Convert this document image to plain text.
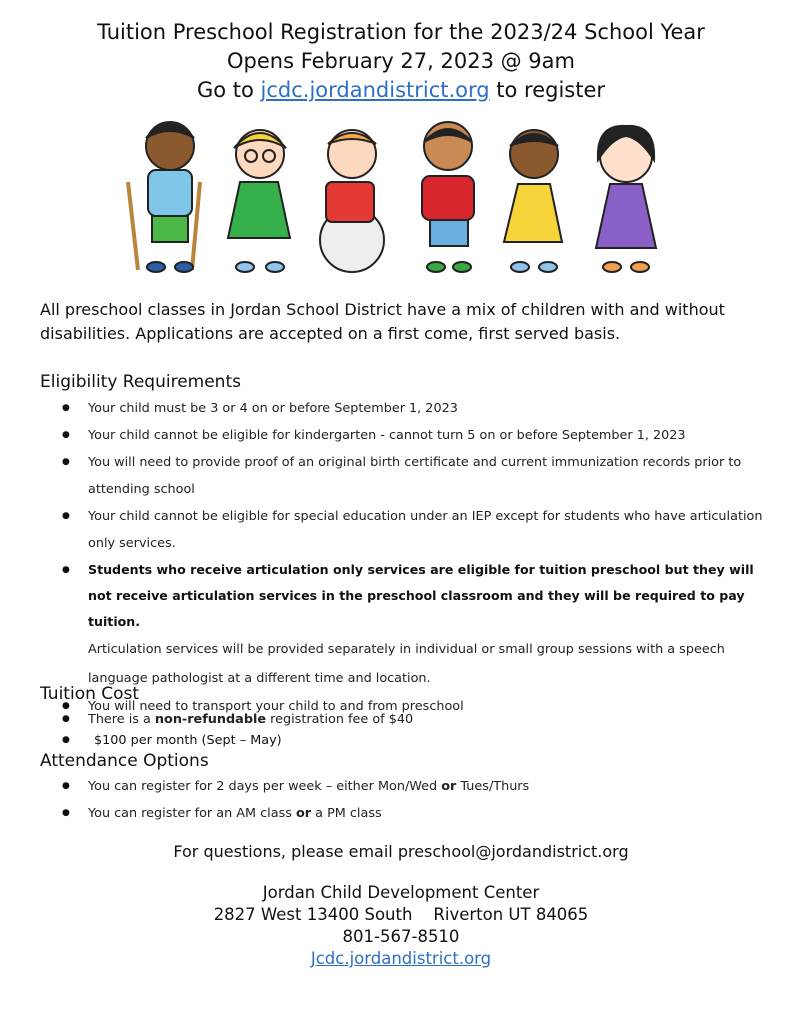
Tuition Preschool Registration for the 2023/24 School Year
Opens February 27, 2023 @ 9am
Go to jcdc.jordandistrict.org to register
All preschool classes in Jordan School District have a mix of children with and without disabilities. Applications are accepted on a first come, first served basis.
Eligibility Requirements
● Your child must be 3 or 4 on or before September 1, 2023
● Your child cannot be eligible for kindergarten - cannot turn 5 on or before September 1, 2023
● You will need to provide proof of an original birth certificate and current immunization records prior to attending school
● Your child cannot be eligible for special education under an IEP except for students who have articulation only services.
● Students who receive articulation only services are eligible for tuition preschool but they will not receive articulation services in the preschool classroom and they will be required to pay tuition.
Articulation services will be provided separately in individual or small group sessions with a speech language pathologist at a different time and location.
● You will need to transport your child to and from preschool
Tuition Cost
● There is a non-refundable registration fee of $40
● $100 per month (Sept – May)
Attendance Options
● You can register for 2 days per week – either Mon/Wed or Tues/Thurs
● You can register for an AM class or a PM class
For questions, please email preschool@jordandistrict.org
Jordan Child Development Center
2827 West 13400 South    Riverton UT 84065
801-567-8510
Jcdc.jordandistrict.org
